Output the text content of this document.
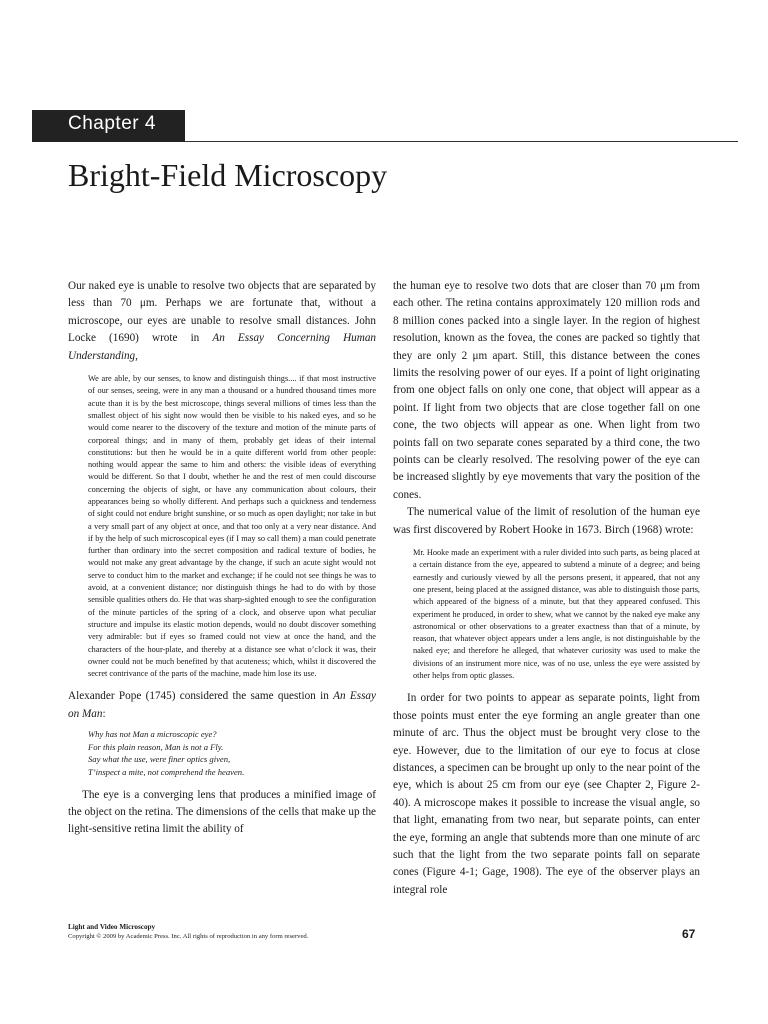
Chapter 4
Bright-Field Microscopy

Our naked eye is unable to resolve two objects that are separated by less than 70 μm. Perhaps we are fortunate that, without a microscope, our eyes are unable to resolve small distances. John Locke (1690) wrote in An Essay Concerning Human Understanding,

We are able, by our senses, to know and distinguish things.... if that most instructive of our senses, seeing, were in any man a thousand or a hundred thousand times more acute than it is by the best microscope, things several millions of times less than the smallest object of his sight now would then be visible to his naked eyes, and so he would come nearer to the discovery of the texture and motion of the minute parts of corporeal things; and in many of them, probably get ideas of their internal constitutions: but then he would be in a quite different world from other people: nothing would appear the same to him and others: the visible ideas of everything would be different. So that I doubt, whether he and the rest of men could discourse concerning the objects of sight, or have any communication about colours, their appearances being so wholly different. And perhaps such a quickness and tenderness of sight could not endure bright sunshine, or so much as open daylight; nor take in but a very small part of any object at once, and that too only at a very near distance. And if by the help of such microscopical eyes (if I may so call them) a man could penetrate further than ordinary into the secret composition and radical texture of bodies, he would not make any great advantage by the change, if such an acute sight would not serve to conduct him to the market and exchange; if he could not see things he was to avoid, at a convenient distance; nor distinguish things he had to do with by those sensible qualities others do. He that was sharp-sighted enough to see the configuration of the minute particles of the spring of a clock, and observe upon what peculiar structure and impulse its elastic motion depends, would no doubt discover something very admirable: but if eyes so framed could not view at once the hand, and the characters of the hour-plate, and thereby at a distance see what o’clock it was, their owner could not be much benefited by that acuteness; which, whilst it discovered the secret contrivance of the parts of the machine, made him lose its use.

Alexander Pope (1745) considered the same question in An Essay on Man:

Why has not Man a microscopic eye?
For this plain reason, Man is not a Fly.
Say what the use, were finer optics given,
T’inspect a mite, not comprehend the heaven.

The eye is a converging lens that produces a minified image of the object on the retina. The dimensions of the cells that make up the light-sensitive retina limit the ability of

the human eye to resolve two dots that are closer than 70 μm from each other. The retina contains approximately 120 million rods and 8 million cones packed into a single layer. In the region of highest resolution, known as the fovea, the cones are packed so tightly that they are only 2 μm apart. Still, this distance between the cones limits the resolving power of our eyes. If a point of light originating from one object falls on only one cone, that object will appear as a point. If light from two objects that are close together fall on one cone, the two objects will appear as one. When light from two points fall on two separate cones separated by a third cone, the two points can be clearly resolved. The resolving power of the eye can be increased slightly by eye movements that vary the position of the cones.

The numerical value of the limit of resolution of the human eye was first discovered by Robert Hooke in 1673. Birch (1968) wrote:

Mr. Hooke made an experiment with a ruler divided into such parts, as being placed at a certain distance from the eye, appeared to subtend a minute of a degree; and being earnestly and curiously viewed by all the persons present, it appeared, that not any one present, being placed at the assigned distance, was able to distinguish those parts, which appeared of the bigness of a minute, but that they appeared confused. This experiment he produced, in order to shew, what we cannot by the naked eye make any astronomical or other observations to a greater exactness than that of a minute, by reason, that whatever object appears under a lens angle, is not distinguishable by the naked eye; and therefore he alleged, that whatever curiosity was used to make the divisions of an instrument more nice, was of no use, unless the eye were assisted by other helps from optic glasses.

In order for two points to appear as separate points, light from those points must enter the eye forming an angle greater than one minute of arc. Thus the object must be brought very close to the eye. However, due to the limitation of our eye to focus at close distances, a specimen can be brought up only to the near point of the eye, which is about 25 cm from our eye (see Chapter 2, Figure 2-40). A microscope makes it possible to increase the visual angle, so that light, emanating from two near, but separate points, can enter the eye, forming an angle that subtends more than one minute of arc such that the light from the two separate points fall on separate cones (Figure 4-1; Gage, 1908). The eye of the observer plays an integral role

Light and Video Microscopy
Copyright © 2009 by Academic Press. Inc. All rights of reproduction in any form reserved.	67
